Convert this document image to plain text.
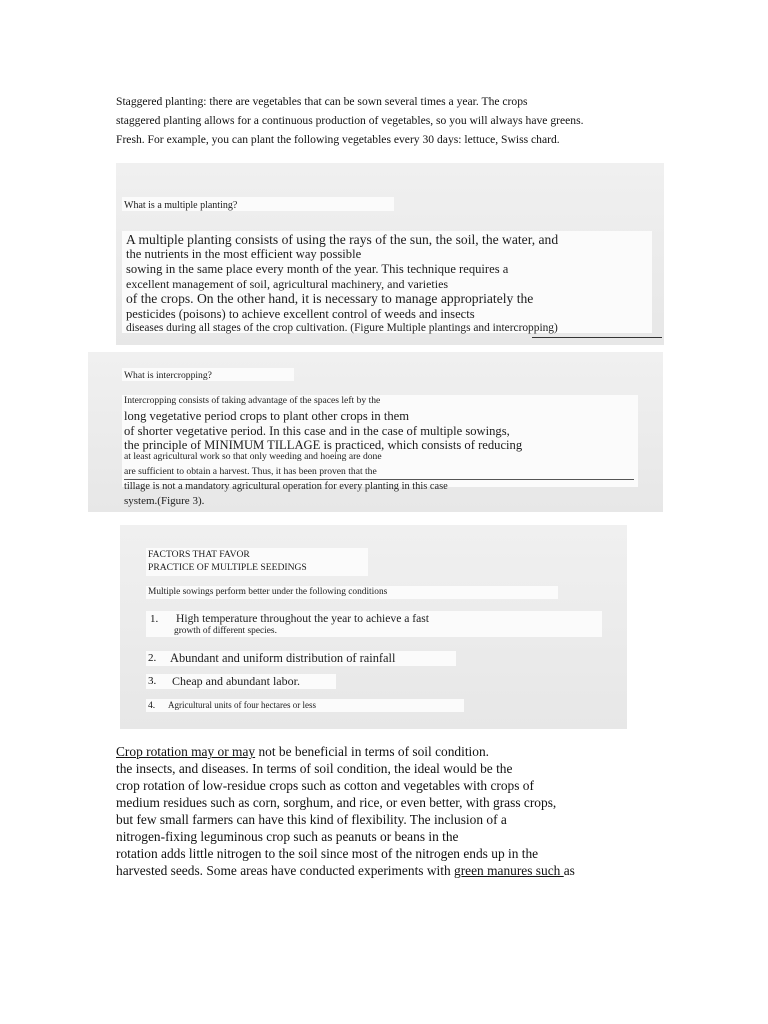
Staggered planting: there are vegetables that can be sown several times a year. The crops
staggered planting allows for a continuous production of vegetables, so you will always have greens.
Fresh. For example, you can plant the following vegetables every 30 days: lettuce, Swiss chard.
What is a multiple planting?
A multiple planting consists of using the rays of the sun, the soil, the water, and
the nutrients in the most efficient way possible
sowing in the same place every month of the year. This technique requires a
excellent management of soil, agricultural machinery, and varieties
of the crops. On the other hand, it is necessary to manage appropriately the
pesticides (poisons) to achieve excellent control of weeds and insects
diseases during all stages of the crop cultivation. (Figure Multiple plantings and intercropping)
What is intercropping?
Intercropping consists of taking advantage of the spaces left by the
long vegetative period crops to plant other crops in them
of shorter vegetative period. In this case and in the case of multiple sowings,
the principle of MINIMUM TILLAGE is practiced, which consists of reducing
at least agricultural work so that only weeding and hoeing are done
are sufficient to obtain a harvest. Thus, it has been proven that the
tillage is not a mandatory agricultural operation for every planting in this case
system.(Figure 3).
FACTORS THAT FAVOR
PRACTICE OF MULTIPLE SEEDINGS
Multiple sowings perform better under the following conditions
1. High temperature throughout the year to achieve a fast
growth of different species.
2. Abundant and uniform distribution of rainfall
3. Cheap and abundant labor.
4. Agricultural units of four hectares or less
Crop rotation may or may not be beneficial in terms of soil condition.
the insects, and diseases. In terms of soil condition, the ideal would be the
crop rotation of low-residue crops such as cotton and vegetables with crops of
medium residues such as corn, sorghum, and rice, or even better, with grass crops,
but few small farmers can have this kind of flexibility. The inclusion of a
nitrogen-fixing leguminous crop such as peanuts or beans in the
rotation adds little nitrogen to the soil since most of the nitrogen ends up in the
harvested seeds. Some areas have conducted experiments with green manures such as
